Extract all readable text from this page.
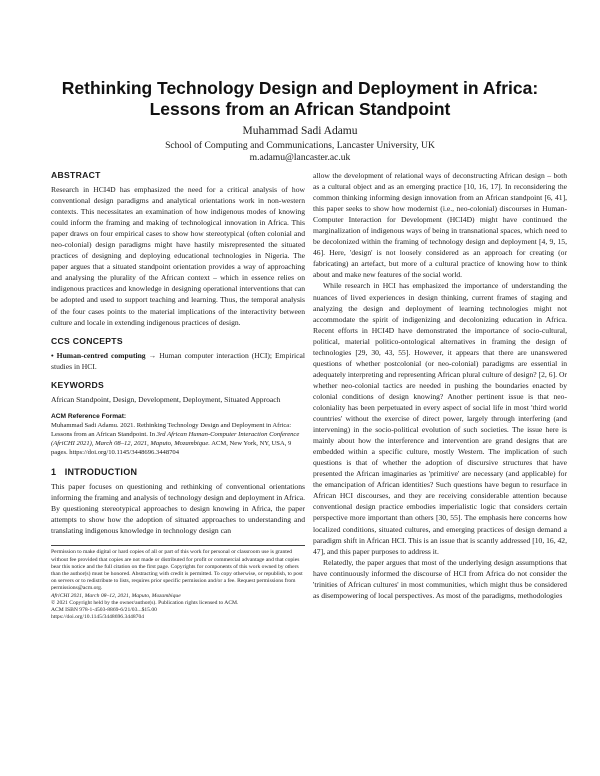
Rethinking Technology Design and Deployment in Africa:
Lessons from an African Standpoint
Muhammad Sadi Adamu
School of Computing and Communications, Lancaster University, UK
m.adamu@lancaster.ac.uk
ABSTRACT

Research in HCI4D has emphasized the need for a critical analysis of how conventional design paradigms and analytical orientations work in non-western contexts. This necessitates an examination of how indigenous modes of knowing could inform the framing and making of technological innovation in Africa. This paper draws on four empirical cases to show how stereotypical (often colonial and neo-colonial) design paradigms might have hastily misrepresented the situated practices of designing and deploying educational technologies in Nigeria. The paper argues that a situated standpoint orientation provides a way of approaching and analysing the plurality of the African context – which in essence relies on indigenous practices and knowledge in designing operational interventions that can be adopted and used to support teaching and learning. Thus, the temporal analysis of the four cases points to the material implications of the interactivity between culture and locale in extending indigenous practices of design.

CCS CONCEPTS

• Human-centred computing → Human computer interaction (HCI); Empirical studies in HCI.

KEYWORDS

African Standpoint, Design, Development, Deployment, Situated Approach

ACM Reference Format:

Muhammad Sadi Adamu. 2021. Rethinking Technology Design and Deployment in Africa: Lessons from an African Standpoint. In 3rd African Human-Computer Interaction Conference (AfriCHI 2021), March 08–12, 2021, Maputo, Mozambique. ACM, New York, NY, USA, 9 pages. https://doi.org/10.1145/3448696.3448704

1   INTRODUCTION

This paper focuses on questioning and rethinking of conventional orientations informing the framing and analysis of technology design and deployment in Africa. By questioning stereotypical approaches to design knowing in Africa, the paper attempts to show how the adoption of situated approaches to understanding and translating indigenous knowledge in technology design can

Permission to make digital or hard copies of all or part of this work for personal or classroom use is granted without fee provided that copies are not made or distributed for profit or commercial advantage and that copies bear this notice and the full citation on the first page. Copyrights for components of this work owned by others than the author(s) must be honored. Abstracting with credit is permitted. To copy otherwise, or republish, to post on servers or to redistribute to lists, requires prior specific permission and/or a fee. Request permissions from permissions@acm.org.

AfriCHI 2021, March 08–12, 2021, Maputo, Mozambique

© 2021 Copyright held by the owner/author(s). Publication rights licensed to ACM.

ACM ISBN 978-1-4503-8869-6/21/03...$15.00

https://doi.org/10.1145/3448696.3448704

allow the development of relational ways of deconstructing African design – both as a cultural object and as an emerging practice [10, 16, 17]. In reconsidering the common thinking informing design innovation from an African standpoint [6, 41], this paper seeks to show how modernist (i.e., neo-colonial) discourses in Human-Computer Interaction for Development (HCI4D) might have continued the marginalization of indigenous ways of being in transnational spaces, which need to be decolonized within the framing of technology design and deployment [4, 9, 15, 46]. Here, 'design' is not loosely considered as an approach for creating (or fabricating) an artefact, but more of a cultural practice of knowing how to think about and make new features of the social world.

While research in HCI has emphasized the importance of understanding the nuances of lived experiences in design thinking, current frames of staging and analyzing the design and deployment of learning technologies might not accommodate the spirit of indigenizing and decolonizing education in Africa. Recent efforts in HCI4D have demonstrated the importance of socio-cultural, political, material politico-ontological alternatives in framing the design of technologies [29, 30, 43, 55]. However, it appears that there are unanswered questions of whether postcolonial (or neo-colonial) paradigms are essential in adequately interpreting and representing African plural culture of design? [2, 6]. Or whether neo-colonial tactics are needed in pushing the boundaries enacted by colonial conditions of design knowing? Another pertinent issue is that neo-coloniality has been perpetuated in every aspect of social life in most 'third world countries' without the exercise of direct power, largely through interfering (and intervening) in the socio-political evolution of such societies. The issue here is mainly about how the interference and intervention are grand designs that are embedded within a specific culture, mostly Western. The implication of such questions is that of whether the adoption of discursive structures that have presented the African imaginaries as 'primitive' are necessary (and applicable) for the emancipation of African identities? Such questions have begun to resurface in African HCI discourses, and they are receiving considerable attention because conventional design practice embodies imperialistic logic that considers certain perspective more important than others [30, 55]. The emphasis here concerns how localized conditions, situated cultures, and emerging practices of design demand a paradigm shift in African HCI. This is an issue that is scantly addressed [10, 16, 42, 47], and this paper purposes to address it.

Relatedly, the paper argues that most of the underlying design assumptions that have continuously informed the discourse of HCI from Africa do not consider the 'trinities of African cultures' in most communities, which might thus be considered as disempowering of local perspectives. As most of the paradigms, methodologies
